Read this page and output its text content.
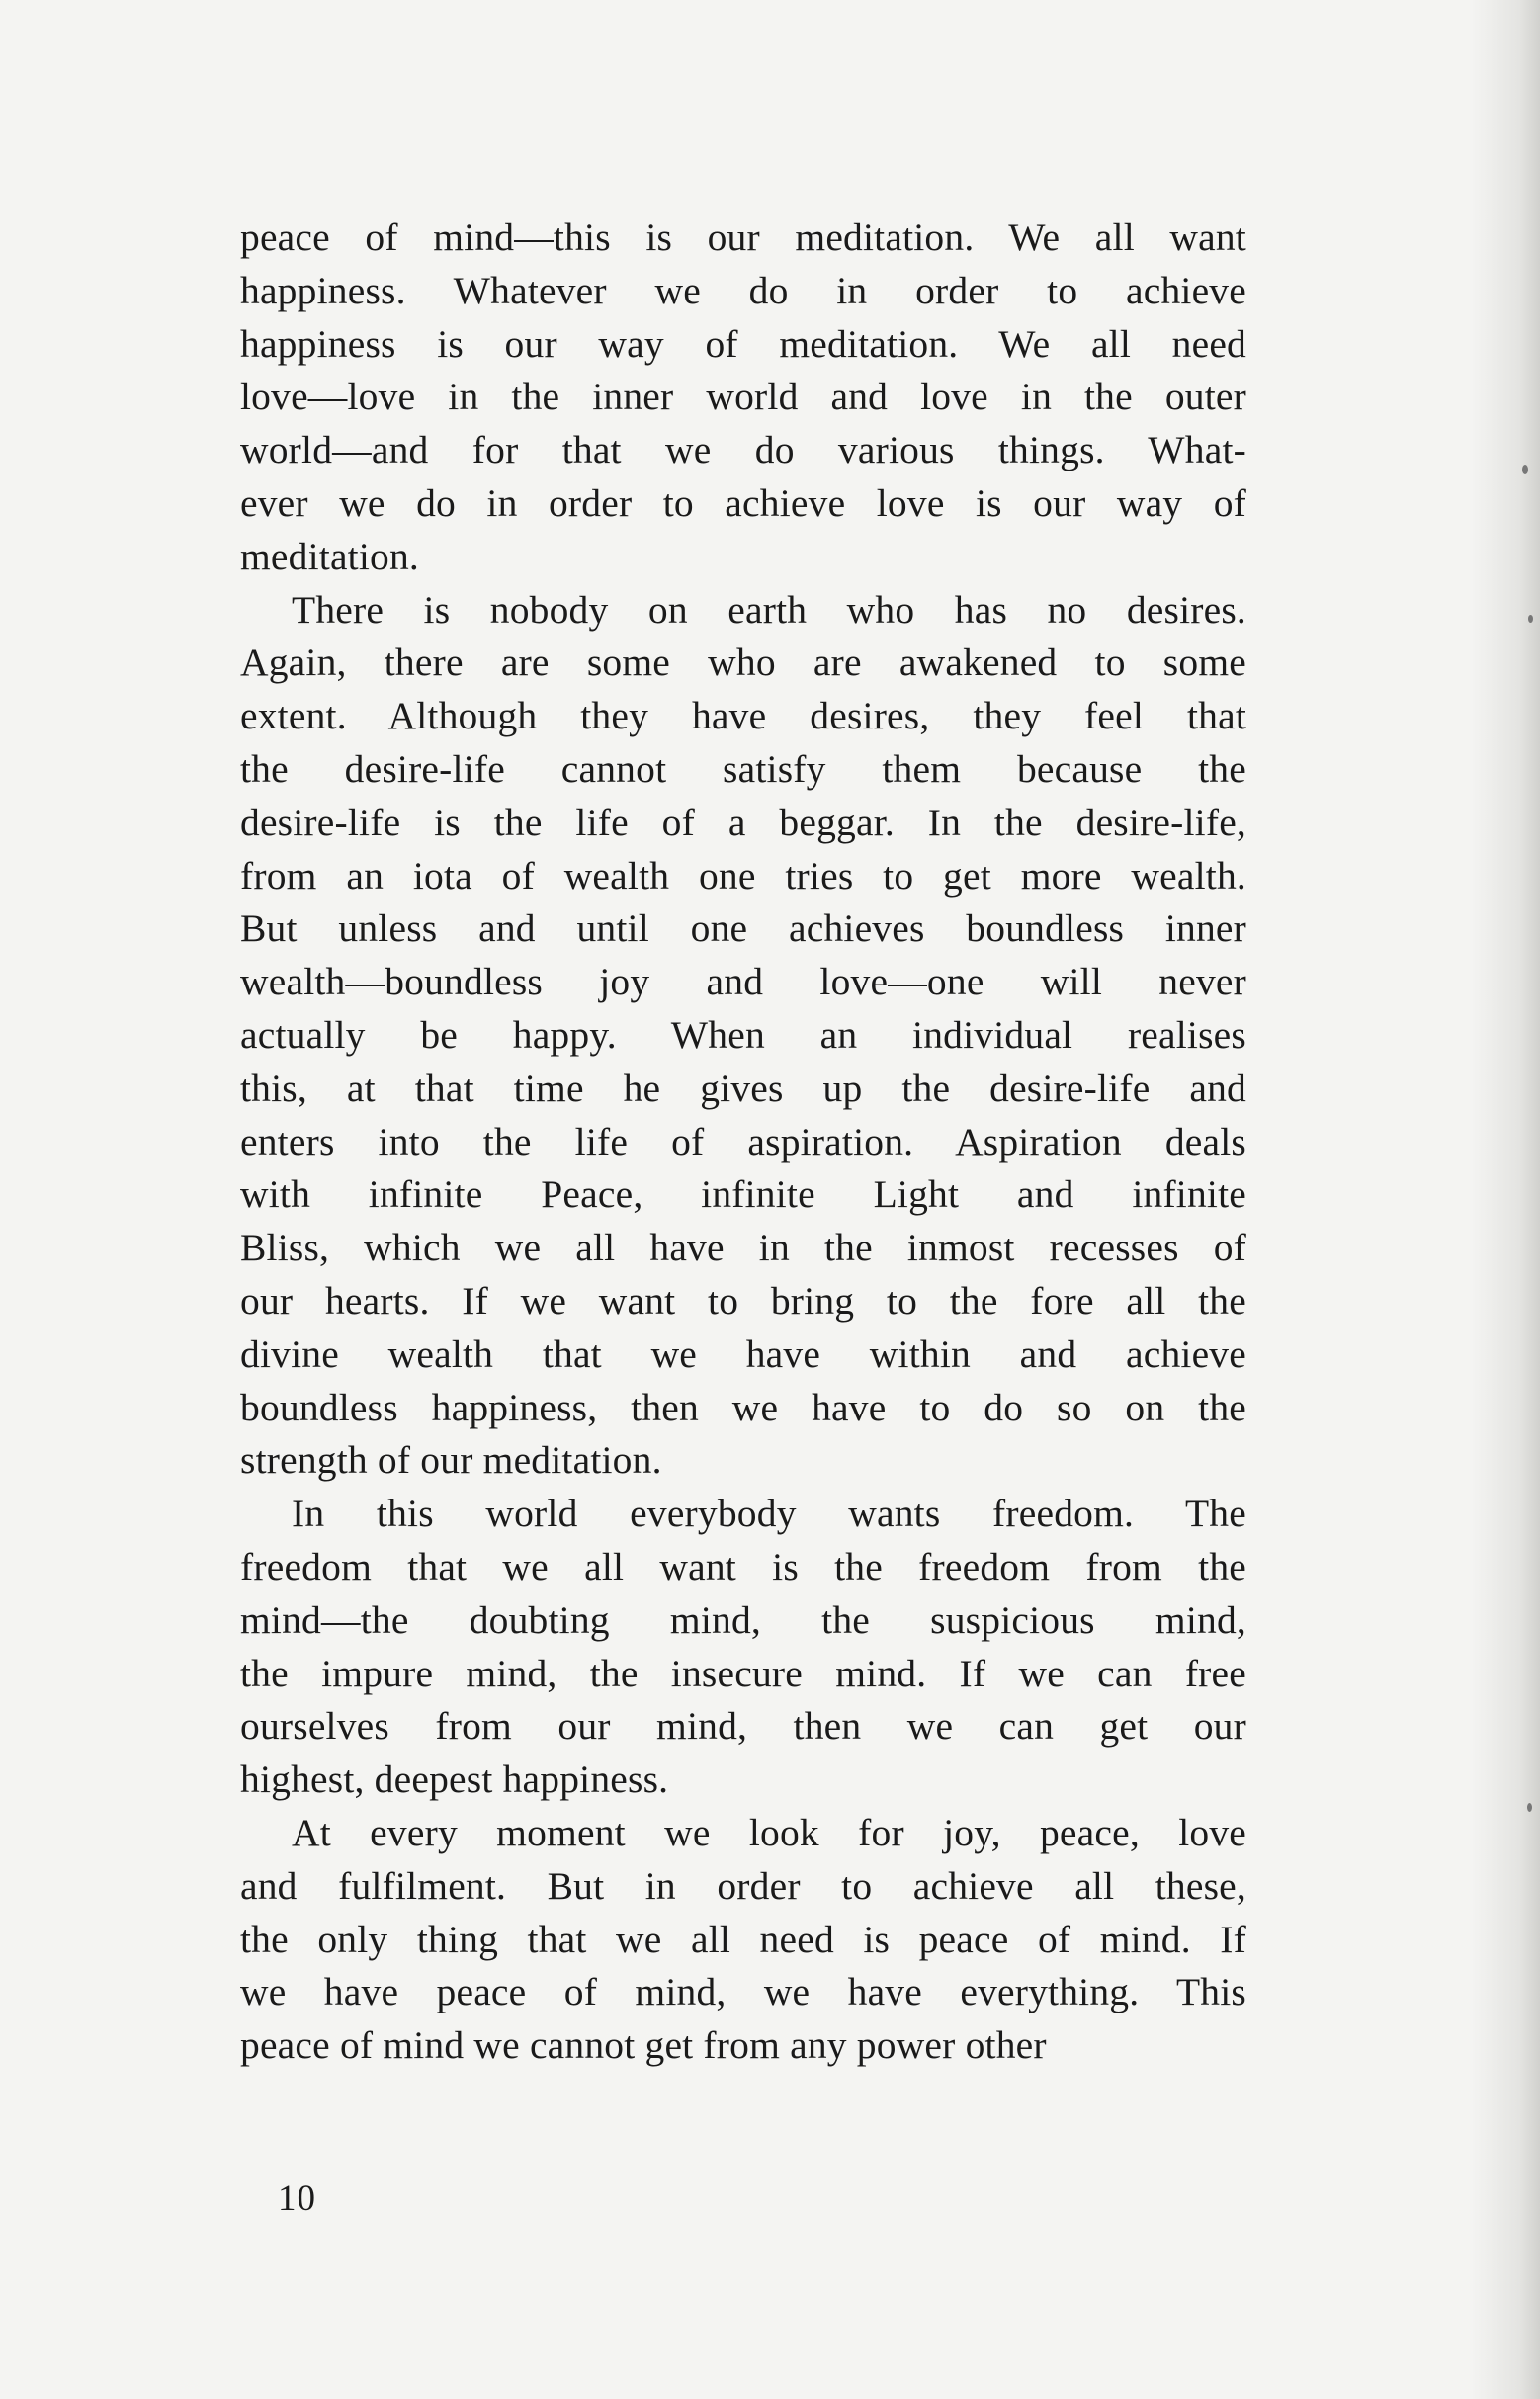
peace of mind—this is our meditation. We all want
happiness. Whatever we do in order to achieve
happiness is our way of meditation. We all need
love—love in the inner world and love in the outer
world—and for that we do various things. What-
ever we do in order to achieve love is our way of
meditation.
There is nobody on earth who has no desires.
Again, there are some who are awakened to some
extent. Although they have desires, they feel that
the desire-life cannot satisfy them because the
desire-life is the life of a beggar. In the desire-life,
from an iota of wealth one tries to get more wealth.
But unless and until one achieves boundless inner
wealth—boundless joy and love—one will never
actually be happy. When an individual realises
this, at that time he gives up the desire-life and
enters into the life of aspiration. Aspiration deals
with infinite Peace, infinite Light and infinite
Bliss, which we all have in the inmost recesses of
our hearts. If we want to bring to the fore all the
divine wealth that we have within and achieve
boundless happiness, then we have to do so on the
strength of our meditation.
In this world everybody wants freedom. The
freedom that we all want is the freedom from the
mind—the doubting mind, the suspicious mind,
the impure mind, the insecure mind. If we can free
ourselves from our mind, then we can get our
highest, deepest happiness.
At every moment we look for joy, peace, love
and fulfilment. But in order to achieve all these,
the only thing that we all need is peace of mind. If
we have peace of mind, we have everything. This
peace of mind we cannot get from any power other
10
